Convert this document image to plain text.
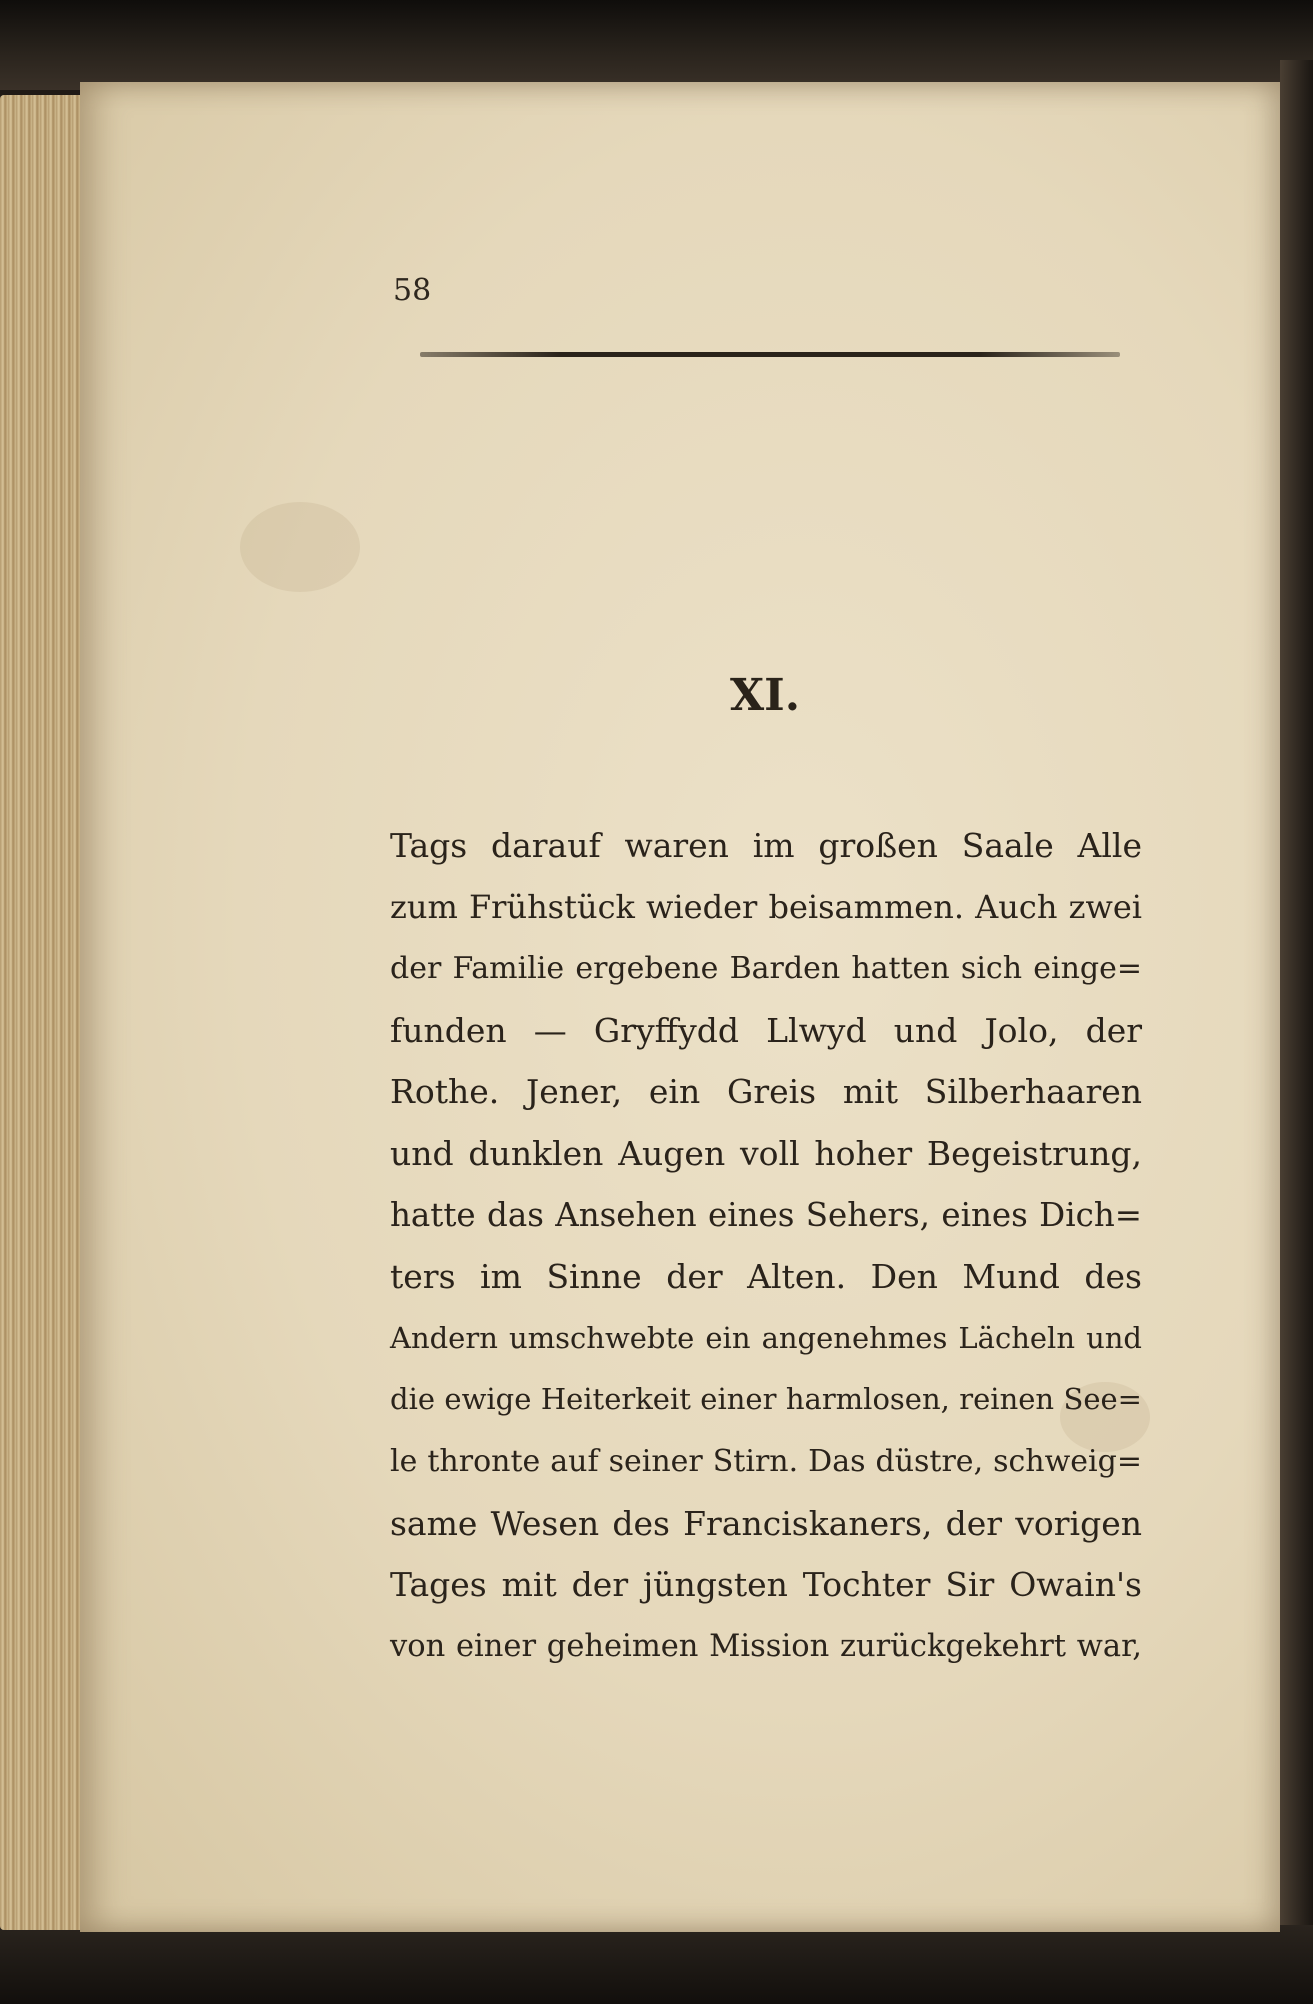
58

XI.
Tags darauf waren im großen Saale Alle
zum Frühstück wieder beisammen. Auch zwei
der Familie ergebene Barden hatten sich einge=
funden — Gryffydd Llwyd und Jolo, der
Rothe. Jener, ein Greis mit Silberhaaren
und dunklen Augen voll hoher Begeistrung,
hatte das Ansehen eines Sehers, eines Dich=
ters im Sinne der Alten. Den Mund des
Andern umschwebte ein angenehmes Lächeln und
die ewige Heiterkeit einer harmlosen, reinen See=
le thronte auf seiner Stirn. Das düstre, schweig=
same Wesen des Franciskaners, der vorigen
Tages mit der jüngsten Tochter Sir Owain's
von einer geheimen Mission zurückgekehrt war,
